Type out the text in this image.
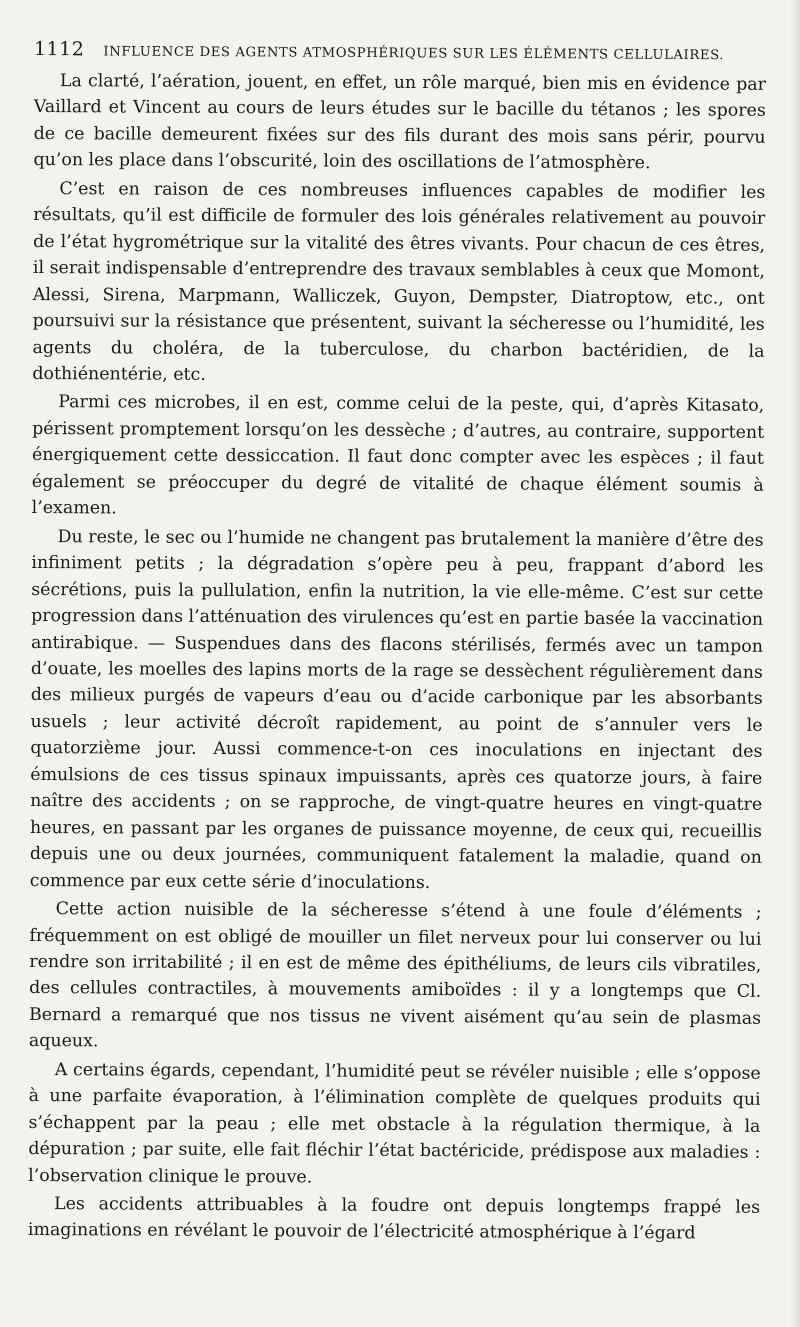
1112 INFLUENCE DES AGENTS ATMOSPHÉRIQUES SUR LES ÉLÉMENTS CELLULAIRES.

La clarté, l’aération, jouent, en effet, un rôle marqué, bien mis en évidence par Vaillard et Vincent au cours de leurs études sur le bacille du tétanos ; les spores de ce bacille demeurent fixées sur des fils durant des mois sans périr, pourvu qu’on les place dans l’obscurité, loin des oscillations de l’atmosphère.

C’est en raison de ces nombreuses influences capables de modifier les résultats, qu’il est difficile de formuler des lois générales relativement au pouvoir de l’état hygrométrique sur la vitalité des êtres vivants. Pour chacun de ces êtres, il serait indispensable d’entreprendre des travaux semblables à ceux que Momont, Alessi, Sirena, Marpmann, Walliczek, Guyon, Dempster, Diatroptow, etc., ont poursuivi sur la résistance que présentent, suivant la sécheresse ou l’humidité, les agents du choléra, de la tuberculose, du charbon bactéridien, de la dothiénentérie, etc.

Parmi ces microbes, il en est, comme celui de la peste, qui, d’après Kitasato, périssent promptement lorsqu’on les dessèche ; d’autres, au contraire, supportent énergiquement cette dessiccation. Il faut donc compter avec les espèces ; il faut également se préoccuper du degré de vitalité de chaque élément soumis à l’examen.

Du reste, le sec ou l’humide ne changent pas brutalement la manière d’être des infiniment petits ; la dégradation s’opère peu à peu, frappant d’abord les sécrétions, puis la pullulation, enfin la nutrition, la vie elle-même. C’est sur cette progression dans l’atténuation des virulences qu’est en partie basée la vaccination antirabique. — Suspendues dans des flacons stérilisés, fermés avec un tampon d’ouate, les moelles des lapins morts de la rage se dessèchent régulièrement dans des milieux purgés de vapeurs d’eau ou d’acide carbonique par les absorbants usuels ; leur activité décroît rapidement, au point de s’annuler vers le quatorzième jour. Aussi commence-t-on ces inoculations en injectant des émulsions de ces tissus spinaux impuissants, après ces quatorze jours, à faire naître des accidents ; on se rapproche, de vingt-quatre heures en vingt-quatre heures, en passant par les organes de puissance moyenne, de ceux qui, recueillis depuis une ou deux journées, communiquent fatalement la maladie, quand on commence par eux cette série d’inoculations.

Cette action nuisible de la sécheresse s’étend à une foule d’éléments ; fréquemment on est obligé de mouiller un filet nerveux pour lui conserver ou lui rendre son irritabilité ; il en est de même des épithéliums, de leurs cils vibratiles, des cellules contractiles, à mouvements amiboïdes : il y a longtemps que Cl. Bernard a remarqué que nos tissus ne vivent aisément qu’au sein de plasmas aqueux.

A certains égards, cependant, l’humidité peut se révéler nuisible ; elle s’oppose à une parfaite évaporation, à l’élimination complète de quelques produits qui s’échappent par la peau ; elle met obstacle à la régulation thermique, à la dépuration ; par suite, elle fait fléchir l’état bactéricide, prédispose aux maladies : l’observation clinique le prouve.

Les accidents attribuables à la foudre ont depuis longtemps frappé les imaginations en révélant le pouvoir de l’électricité atmosphérique à l’égard
